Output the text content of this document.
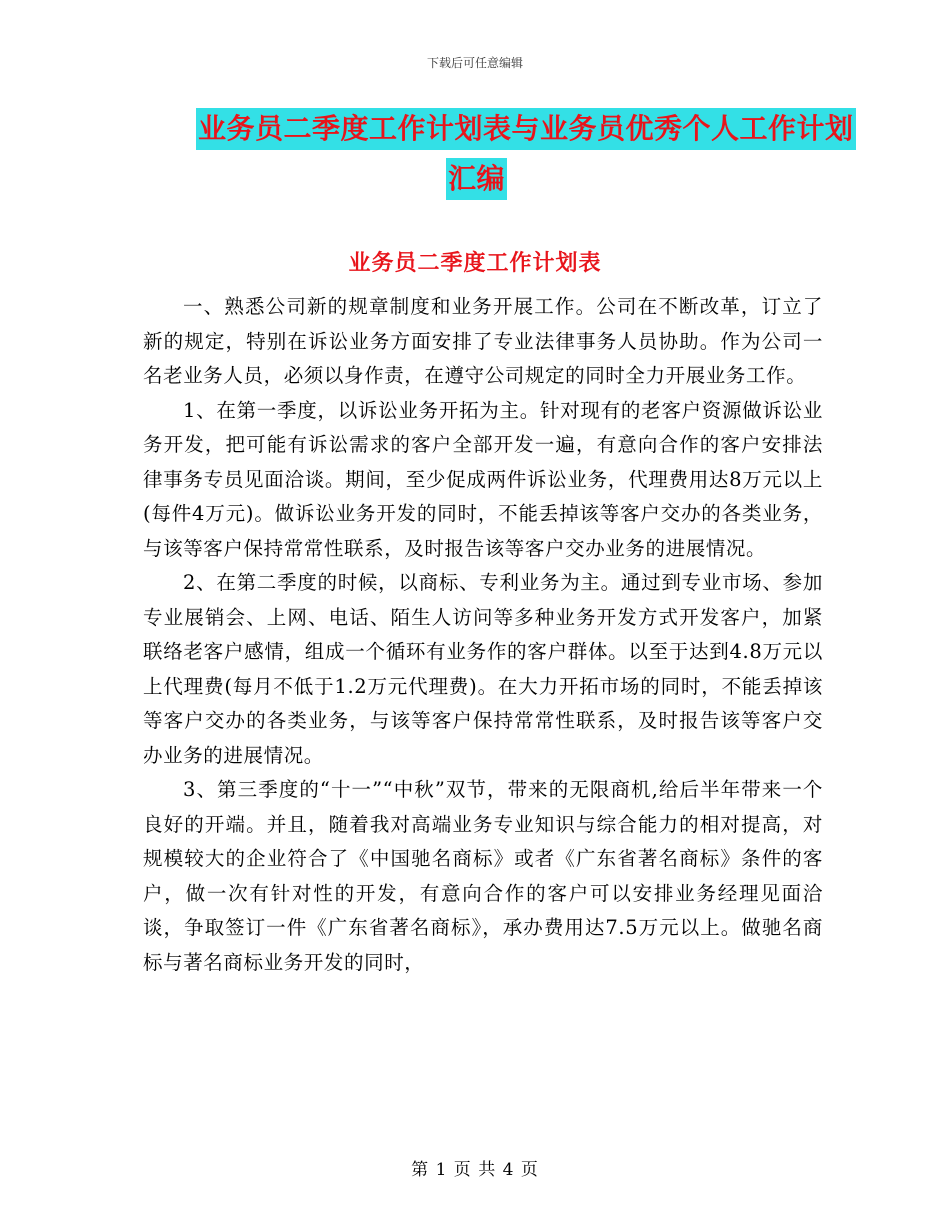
下载后可任意编辑
业务员二季度工作计划表与业务员优秀个人工作计划
汇编
业务员二季度工作计划表

一、熟悉公司新的规章制度和业务开展工作。公司在不断改革，订立了新的规定，特别在诉讼业务方面安排了专业法律事务人员协助。作为公司一名老业务人员，必须以身作责，在遵守公司规定的同时全力开展业务工作。

1、在第一季度，以诉讼业务开拓为主。针对现有的老客户资源做诉讼业务开发，把可能有诉讼需求的客户全部开发一遍，有意向合作的客户安排法律事务专员见面洽谈。期间，至少促成两件诉讼业务，代理费用达8万元以上(每件4万元)。做诉讼业务开发的同时，不能丢掉该等客户交办的各类业务，与该等客户保持常常性联系，及时报告该等客户交办业务的进展情况。

2、在第二季度的时候，以商标、专利业务为主。通过到专业市场、参加专业展销会、上网、电话、陌生人访问等多种业务开发方式开发客户，加紧联络老客户感情，组成一个循环有业务作的客户群体。以至于达到4.8万元以上代理费(每月不低于1.2万元代理费)。在大力开拓市场的同时，不能丢掉该等客户交办的各类业务，与该等客户保持常常性联系，及时报告该等客户交办业务的进展情况。

3、第三季度的“十一”“中秋”双节，带来的无限商机,给后半年带来一个良好的开端。并且，随着我对高端业务专业知识与综合能力的相对提高，对规模较大的企业符合了《中国驰名商标》或者《广东省著名商标》条件的客户，做一次有针对性的开发，有意向合作的客户可以安排业务经理见面洽谈，争取签订一件《广东省著名商标》，承办费用达7.5万元以上。做驰名商标与著名商标业务开发的同时，

第 1 页 共 4 页
